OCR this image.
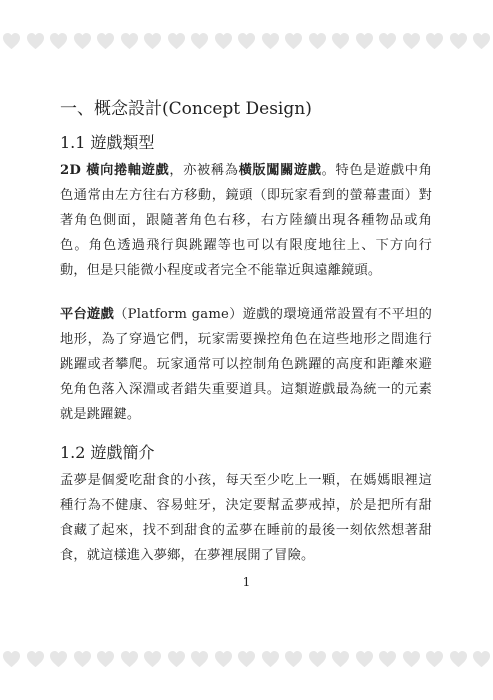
一、概念設計(Concept Design)
1.1 遊戲類型

2D 橫向捲軸遊戲，亦被稱為橫版闖關遊戲。特色是遊戲中角色通常由左方往右方移動，鏡頭（即玩家看到的螢幕畫面）對著角色側面，跟隨著角色右移，右方陸續出現各種物品或角色。角色透過飛行與跳躍等也可以有限度地往上、下方向行動，但是只能微小程度或者完全不能靠近與遠離鏡頭。

平台遊戲（Platform game）遊戲的環境通常設置有不平坦的地形，為了穿過它們，玩家需要操控角色在這些地形之間進行跳躍或者攀爬。玩家通常可以控制角色跳躍的高度和距離來避免角色落入深淵或者錯失重要道具。這類遊戲最為統一的元素就是跳躍鍵。

1.2 遊戲簡介

孟夢是個愛吃甜食的小孩，每天至少吃上一顆，在媽媽眼裡這種行為不健康、容易蛀牙，決定要幫孟夢戒掉，於是把所有甜食藏了起來，找不到甜食的孟夢在睡前的最後一刻依然想著甜食，就這樣進入夢鄉，在夢裡展開了冒險。

1
